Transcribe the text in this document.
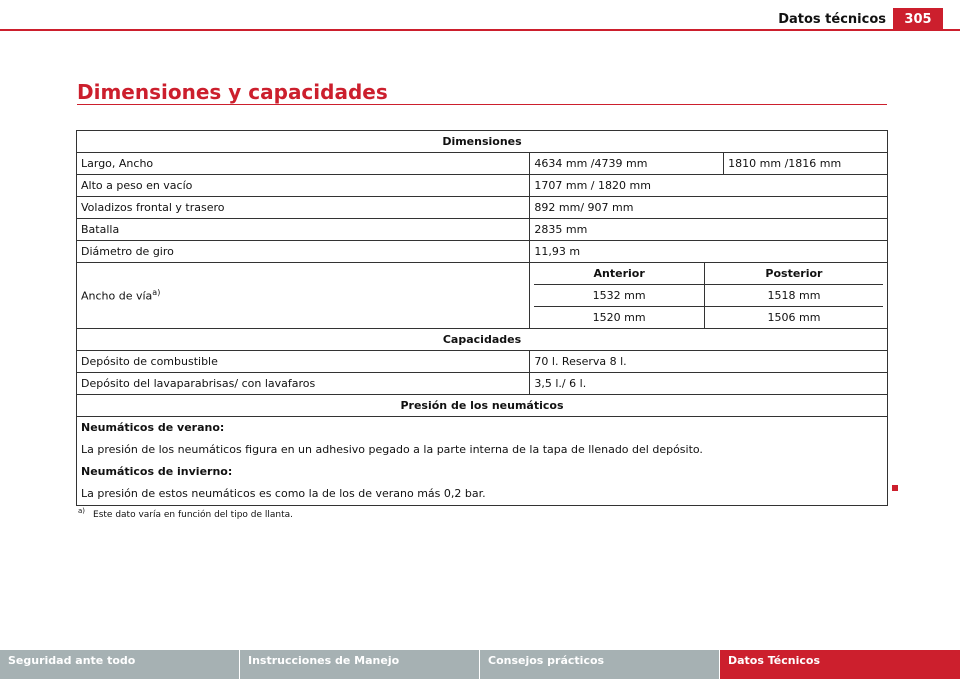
Datos técnicos	305
Dimensiones y capacidades
Dimensiones
Largo, Ancho	4634 mm /4739 mm	1810 mm /1816 mm
Alto a peso en vacío	1707 mm / 1820 mm
Voladizos frontal y trasero	892 mm/ 907 mm
Batalla	2835 mm
Diámetro de giro	11,93 m
Ancho de vía$^{a)}$	
Anterior	Posterior
1532 mm	1518 mm
1520 mm	1506 mm

Capacidades
Depósito de combustible	70 l. Reserva 8 l.
Depósito del lavaparabrisas/ con lavafaros	3,5 l./ 6 l.
Presión de los neumáticos

Neumáticos de verano:
La presión de los neumáticos figura en un adhesivo pegado a la parte interna de la tapa de llenado del depósito.
Neumáticos de invierno:
La presión de estos neumáticos es como la de los de verano más 0,2 bar.
$^{a)}$ Este dato varía en función del tipo de llanta.
Seguridad ante todo	Instrucciones de Manejo	Consejos prácticos	Datos Técnicos
